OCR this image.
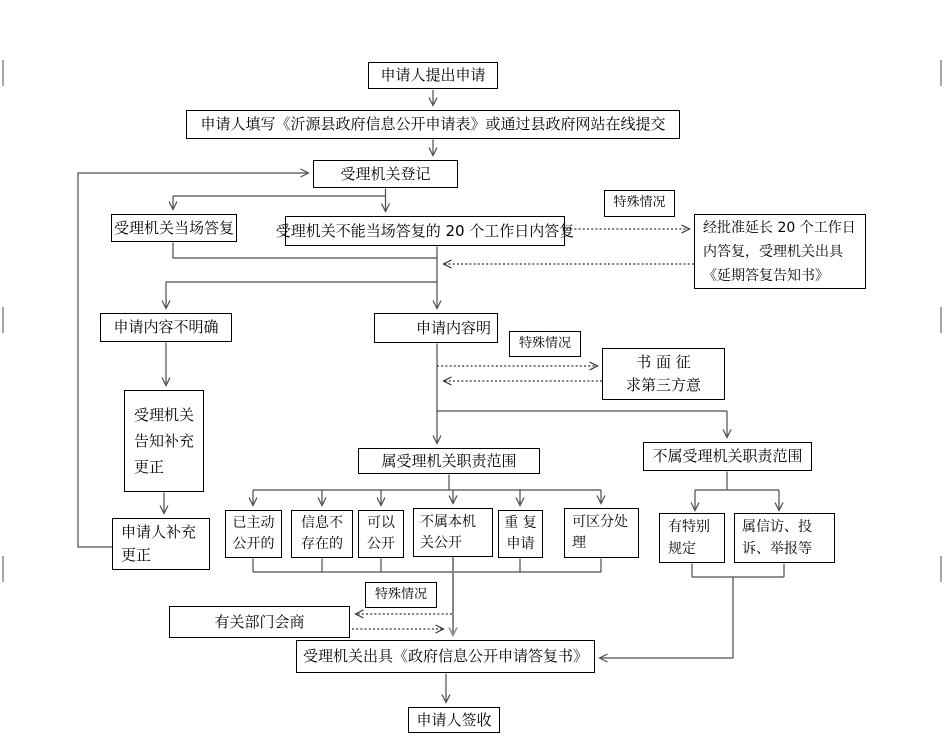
申请人提出申请
申请人填写《沂源县政府信息公开申请表》或通过县政府网站在线提交
受理机关登记
受理机关当场答复	受理机关不能当场答复的 20 个工作日内答复
特殊情况
经批准延长 20 个工作日
内答复，受理机关出具
《延期答复告知书》
申请内容不明确	申请内容明
特殊情况
书 面 征
求第三方意
受理机关
告知补充
更正
申请人补充
更正
属受理机关职责范围	不属受理机关职责范围
已主动
公开的
信息不
存在的
可以
公开
不属本机
关公开
重 复
申请
可区分处
理
有特别
规定
属信访、投
诉、举报等
特殊情况
有关部门会商
受理机关出具《政府信息公开申请答复书》
申请人签收
